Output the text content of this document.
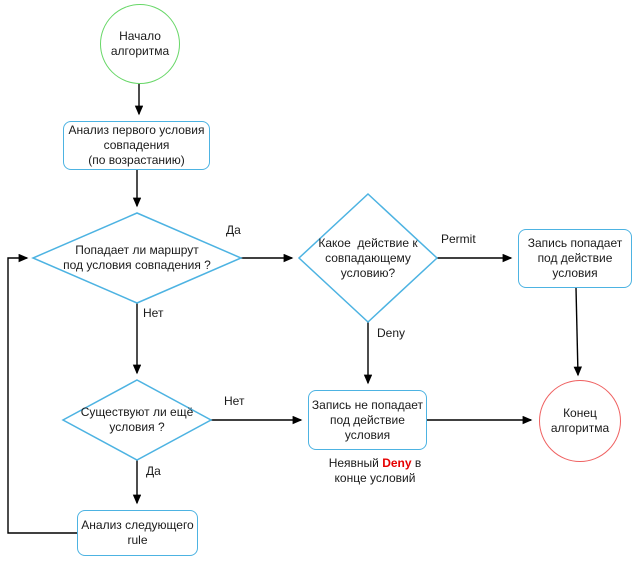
Начало
алгоритма
Анализ первого условия
совпадения
(по возрастанию)
Попадает ли маршрут
под условия совпадения ?
Какое  действие к
совпадающему
условию?
Запись попадает
под действие
условия
Запись не попадает
под действие
условия
Существуют ли ещё
условия ?
Анализ следующего
rule
Конец
алгоритма
Да
Permit
Deny
Нет
Нет
Да
Неявный Deny в
конце условий
